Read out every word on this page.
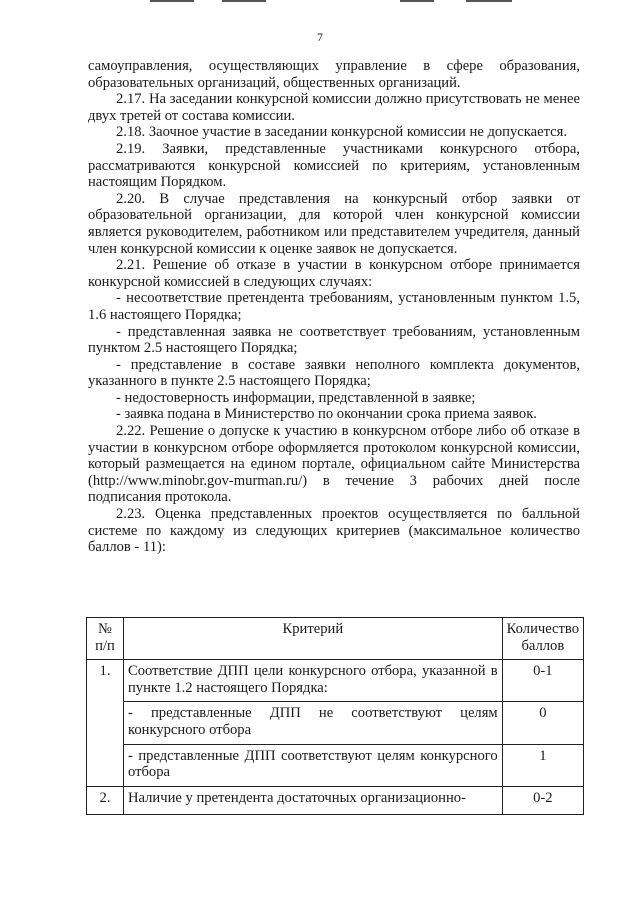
7

самоуправления, осуществляющих управление в сфере образования, образовательных организаций, общественных организаций.

2.17. На заседании конкурсной комиссии должно присутствовать не менее двух третей от состава комиссии.

2.18. Заочное участие в заседании конкурсной комиссии не допускается.

2.19. Заявки, представленные участниками конкурсного отбора, рассматриваются конкурсной комиссией по критериям, установленным настоящим Порядком.

2.20. В случае представления на конкурсный отбор заявки от образовательной организации, для которой член конкурсной комиссии является руководителем, работником или представителем учредителя, данный член конкурсной комиссии к оценке заявок не допускается.

2.21. Решение об отказе в участии в конкурсном отборе принимается конкурсной комиссией в следующих случаях:

- несоответствие претендента требованиям, установленным пунктом 1.5, 1.6 настоящего Порядка;

- представленная заявка не соответствует требованиям, установленным пунктом 2.5 настоящего Порядка;

- представление в составе заявки неполного комплекта документов, указанного в пункте 2.5 настоящего Порядка;

- недостоверность информации, представленной в заявке;

- заявка подана в Министерство по окончании срока приема заявок.

2.22. Решение о допуске к участию в конкурсном отборе либо об отказе в участии в конкурсном отборе оформляется протоколом конкурсной комиссии, который размещается на едином портале, официальном сайте Министерства (http://www.minobr.gov-murman.ru/) в течение 3 рабочих дней после подписания протокола.

2.23. Оценка представленных проектов осуществляется по балльной системе по каждому из следующих критериев (максимальное количество баллов - 11):

№ п/п	Критерий	Количество баллов
1.	Соответствие ДПП цели конкурсного отбора, указанной в пункте 1.2 настоящего Порядка:	0-1
	- представленные ДПП не соответствуют целям конкурсного отбора	0
	- представленные ДПП соответствуют целям конкурсного отбора	1
2.	Наличие у претендента достаточных организационно-	0-2
